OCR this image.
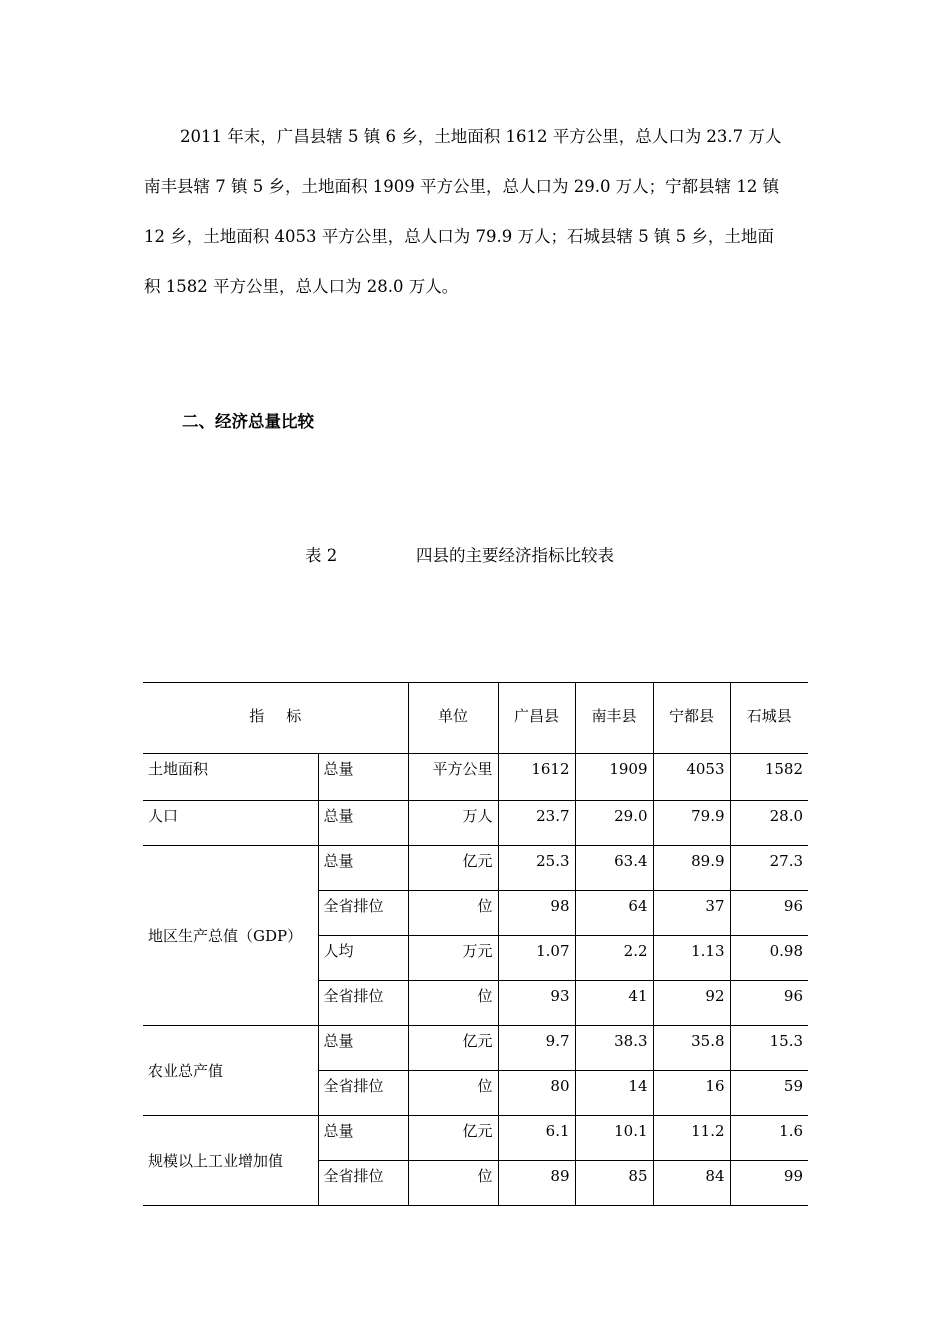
2011 年末，广昌县辖 5 镇 6 乡，土地面积 1612 平方公里，总人口为 23.7 万人
南丰县辖 7 镇 5 乡，土地面积 1909 平方公里，总人口为 29.0 万人；宁都县辖 12 镇
12 乡，土地面积 4053 平方公里，总人口为 79.9 万人；石城县辖 5 镇 5 乡，土地面
积 1582 平方公里，总人口为 28.0 万人。

二、经济总量比较
表 2	四县的主要经济指标比较表
指标		单位	广昌县	南丰县	宁都县	石城县
土地面积	总量	平方公里	1612	1909	4053	1582
人口	总量	万人	23.7	29.0	79.9	28.0
地区生产总值（GDP）	总量	亿元	25.3	63.4	89.9	27.3
	全省排位	位	98	64	37	96
	人均	万元	1.07	2.2	1.13	0.98
	全省排位	位	93	41	92	96
农业总产值	总量	亿元	9.7	38.3	35.8	15.3
	全省排位	位	80	14	16	59
规模以上工业增加值	总量	亿元	6.1	10.1	11.2	1.6
	全省排位	位	89	85	84	99
